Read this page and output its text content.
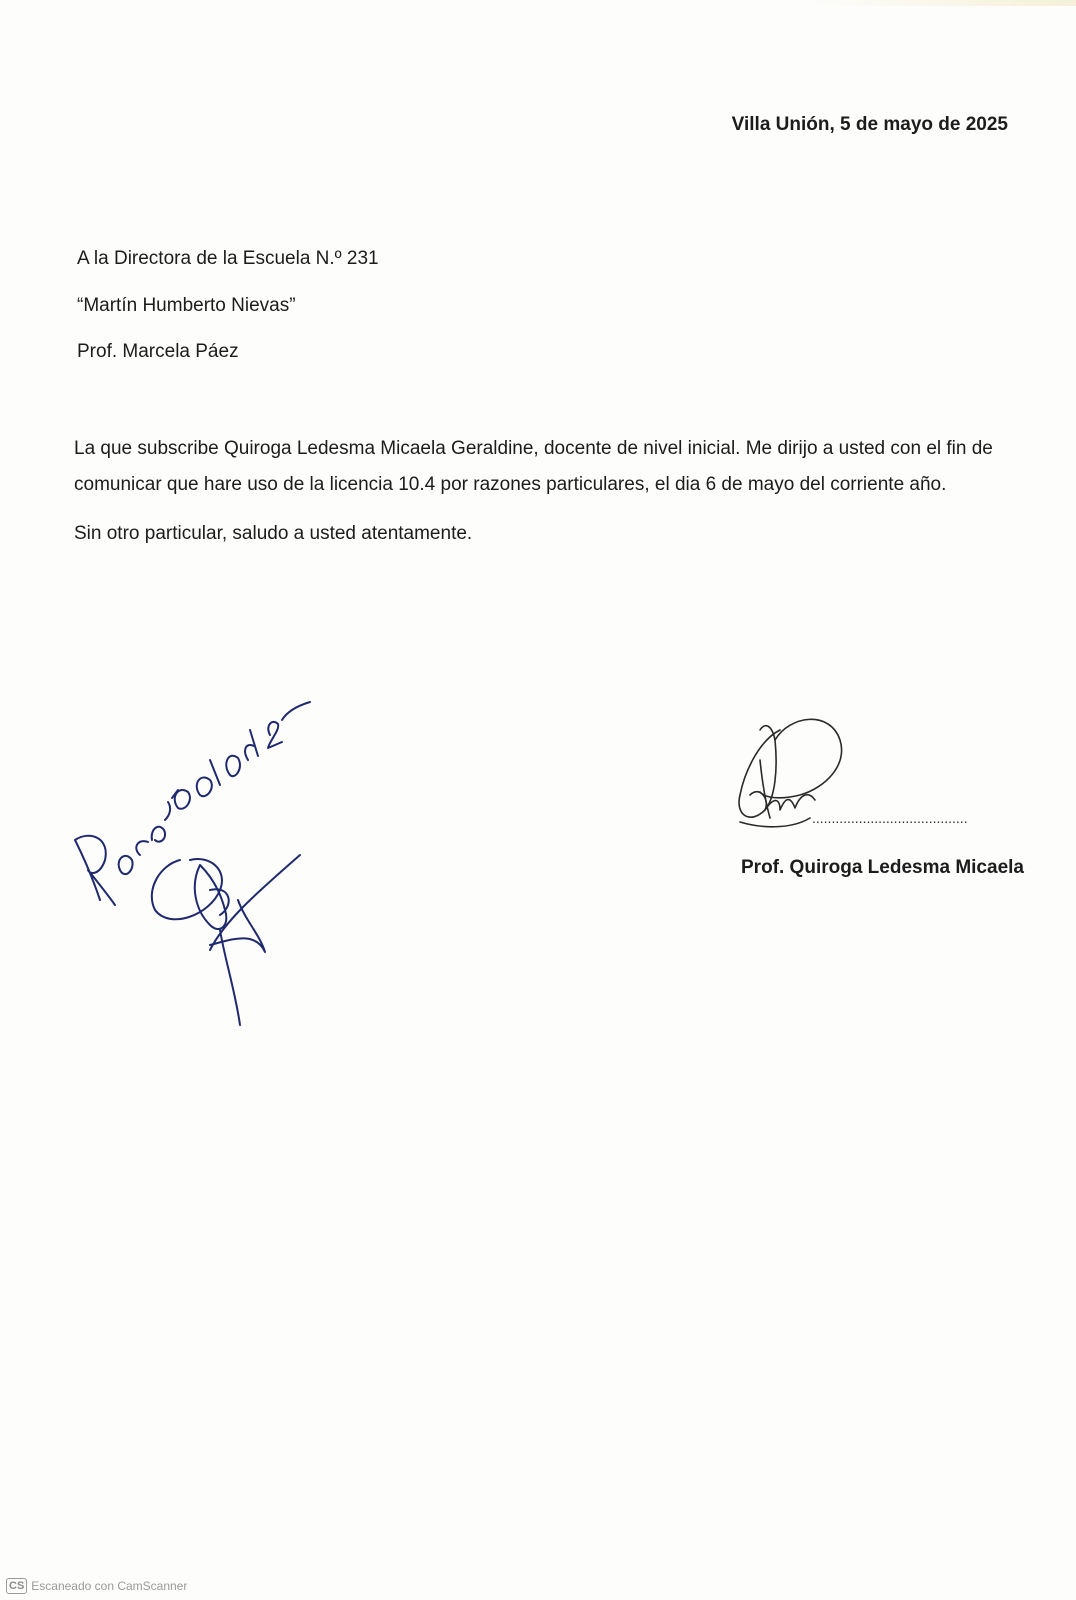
Villa Unión, 5 de mayo de 2025
A la Directora de la Escuela N.º 231
“Martín Humberto Nievas”
Prof. Marcela Páez
La que subscribe Quiroga Ledesma Micaela Geraldine, docente de nivel inicial. Me dirijo a usted con el fin de
comunicar que hare uso de la licencia 10.4 por razones particulares, el dia 6 de mayo del corriente año.
Sin otro particular, saludo a usted atentamente.
........................................
Prof. Quiroga Ledesma Micaela
Recibí 06/05/25
CS Escaneado con CamScanner
